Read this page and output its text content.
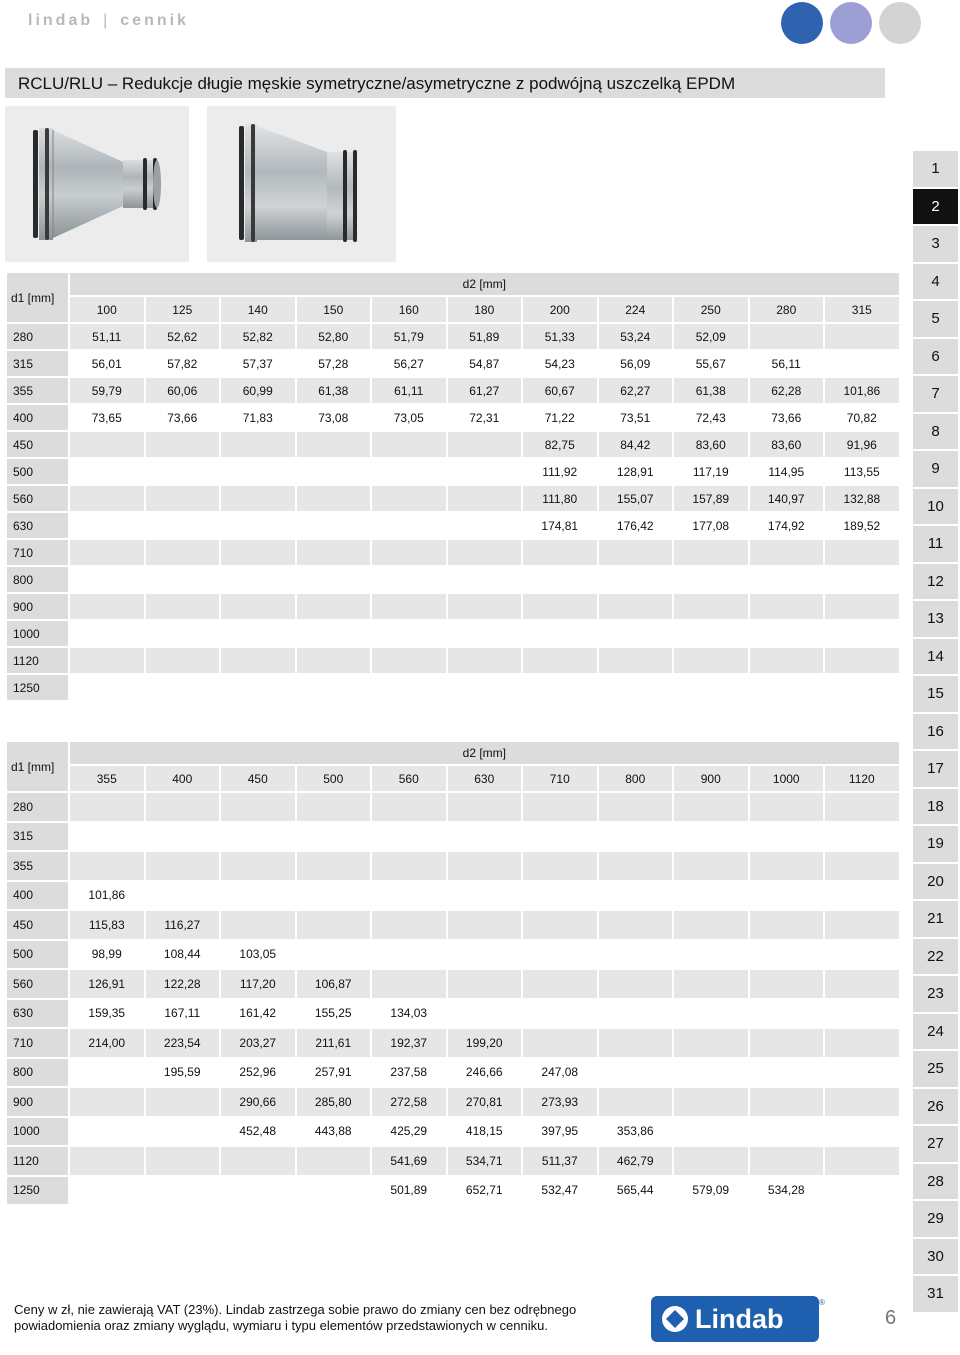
lindab | cennik
RCLU/RLU – Redukcje długie męskie symetryczne/asymetryczne z podwójną uszczelką EPDM
d1 [mm]	d2 [mm]										
	100	125	140	150	160	180	200	224	250	280	315
280	51,11	52,62	52,82	52,80	51,79	51,89	51,33	53,24	52,09		
315	56,01	57,82	57,37	57,28	56,27	54,87	54,23	56,09	55,67	56,11	
355	59,79	60,06	60,99	61,38	61,11	61,27	60,67	62,27	61,38	62,28	101,86
400	73,65	73,66	71,83	73,08	73,05	72,31	71,22	73,51	72,43	73,66	70,82
450							82,75	84,42	83,60	83,60	91,96
500							111,92	128,91	117,19	114,95	113,55
560							111,80	155,07	157,89	140,97	132,88
630							174,81	176,42	177,08	174,92	189,52
710											
800											
900											
1000											
1120											
1250											
d1 [mm]	d2 [mm]										
	355	400	450	500	560	630	710	800	900	1000	1120
280											
315											
355											
400	101,86										
450	115,83	116,27									
500	98,99	108,44	103,05								
560	126,91	122,28	117,20	106,87							
630	159,35	167,11	161,42	155,25	134,03						
710	214,00	223,54	203,27	211,61	192,37	199,20					
800		195,59	252,96	257,91	237,58	246,66	247,08				
900			290,66	285,80	272,58	270,81	273,93				
1000			452,48	443,88	425,29	418,15	397,95	353,86			
1120					541,69	534,71	511,37	462,79			
1250					501,89	652,71	532,47	565,44	579,09	534,28	
1
2
3
4
5
6
7
8
9
10
11
12
13
14
15
16
17
18
19
20
21
22
23
24
25
26
27
28
29
30
31
Ceny w zł, nie zawierają VAT (23%). Lindab zastrzega sobie prawo do zmiany cen bez odrębnego
powiadomienia oraz zmiany wyglądu, wymiaru i typu elementów przedstawionych w cenniku.	Lindab
®
6
